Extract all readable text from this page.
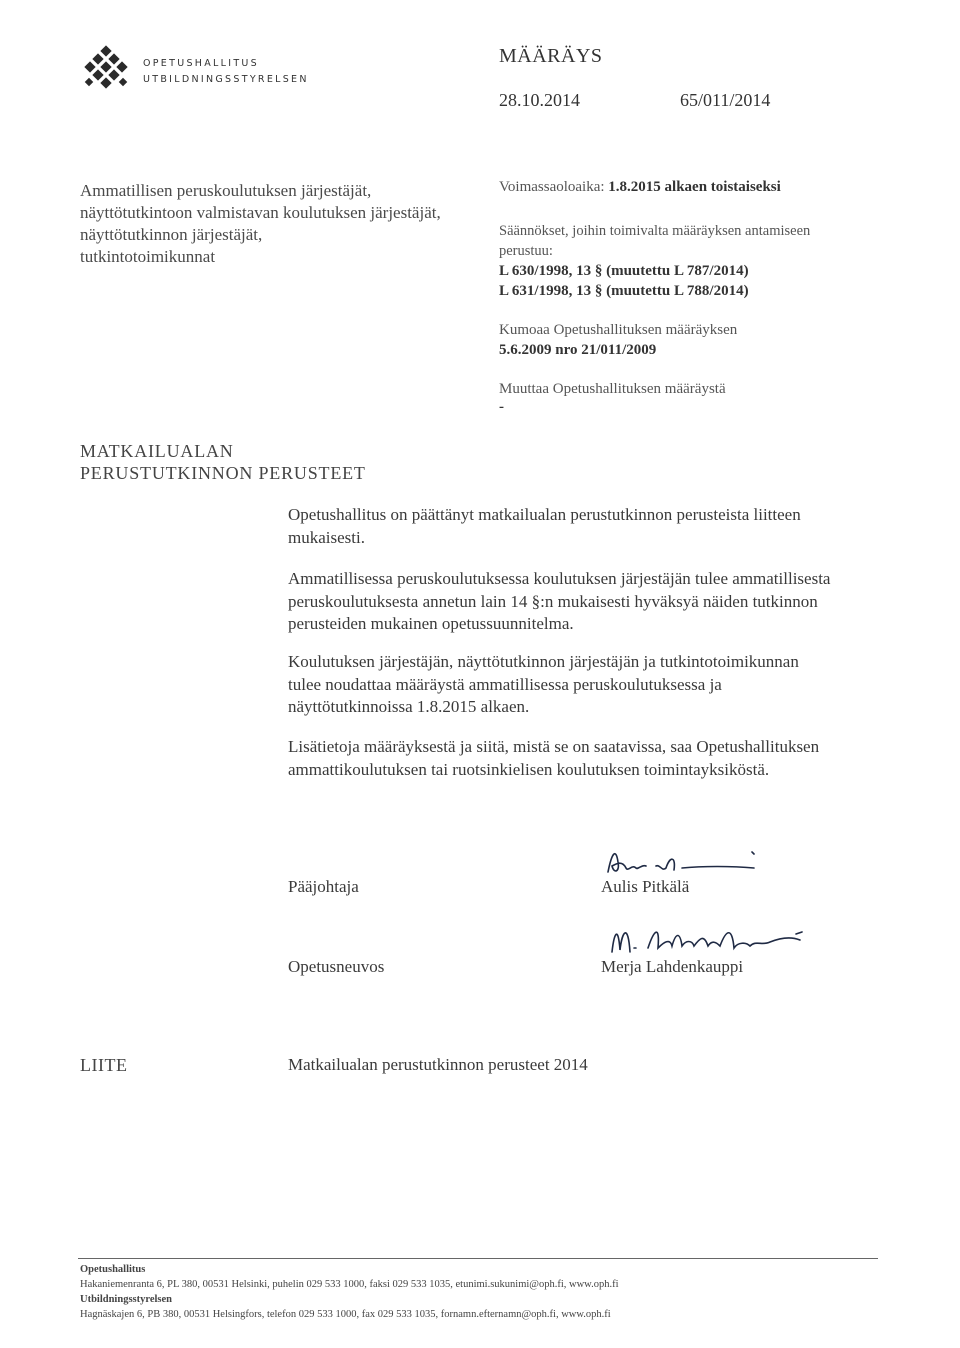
OPETUSHALLITUS
UTBILDNINGSSTYRELSEN
MÄÄRÄYS
28.10.2014	65/011/2014
Ammatillisen peruskoulutuksen järjestäjät,
näyttötutkintoon valmistavan koulutuksen järjestäjät,
näyttötutkinnon järjestäjät,
tutkintotoimikunnat
Voimassaoloaika: 1.8.2015 alkaen toistaiseksi
Säännökset, joihin toimivalta määräyksen antamiseen
perustuu:
L 630/1998, 13 § (muutettu L 787/2014)
L 631/1998, 13 § (muutettu L 788/2014)
Kumoaa Opetushallituksen määräyksen
5.6.2009 nro 21/011/2009
Muuttaa Opetushallituksen määräystä
-
MATKAILUALAN
PERUSTUTKINNON PERUSTEET
Opetushallitus on päättänyt matkailualan perustutkinnon perusteista liitteen
mukaisesti.
Ammatillisessa peruskoulutuksessa koulutuksen järjestäjän tulee ammatillisesta
peruskoulutuksesta annetun lain 14 §:n mukaisesti hyväksyä näiden tutkinnon
perusteiden mukainen opetussuunnitelma.
Koulutuksen järjestäjän, näyttötutkinnon järjestäjän ja tutkintotoimikunnan
tulee noudattaa määräystä ammatillisessa peruskoulutuksessa ja
näyttötutkinnoissa 1.8.2015 alkaen.
Lisätietoja määräyksestä ja siitä, mistä se on saatavissa, saa Opetushallituksen
ammattikoulutuksen tai ruotsinkielisen koulutuksen toimintayksiköstä.
Pääjohtaja	Aulis Pitkälä
Opetusneuvos	Merja Lahdenkauppi
LIITE	Matkailualan perustutkinnon perusteet 2014
Opetushallitus
Hakaniemenranta 6, PL 380, 00531 Helsinki, puhelin 029 533 1000, faksi 029 533 1035, etunimi.sukunimi@oph.fi, www.oph.fi
Utbildningsstyrelsen
Hagnäskajen 6, PB 380, 00531 Helsingfors, telefon 029 533 1000, fax 029 533 1035, fornamn.efternamn@oph.fi, www.oph.fi
